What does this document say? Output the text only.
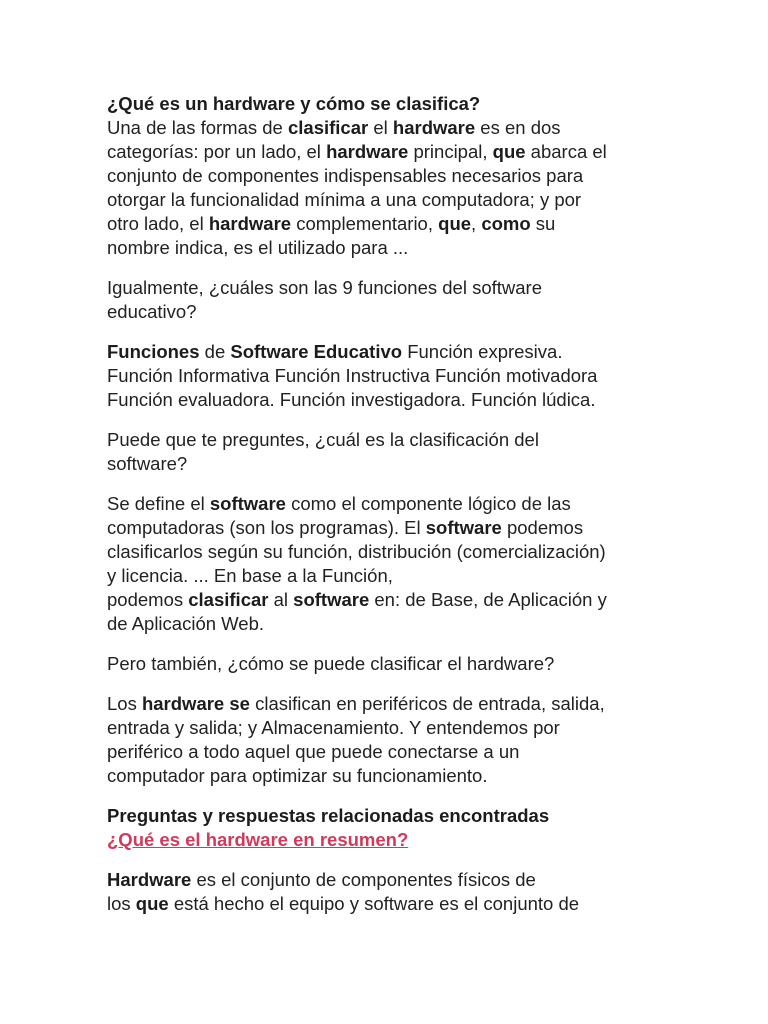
¿Qué es un hardware y cómo se clasifica?
Una de las formas de clasificar el hardware es en dos
categorías: por un lado, el hardware principal, que abarca el
conjunto de componentes indispensables necesarios para
otorgar la funcionalidad mínima a una computadora; y por
otro lado, el hardware complementario, que, como su
nombre indica, es el utilizado para ...

Igualmente, ¿cuáles son las 9 funciones del software
educativo?

Funciones de Software Educativo Función expresiva.
Función Informativa Función Instructiva Función motivadora
Función evaluadora. Función investigadora. Función lúdica.

Puede que te preguntes, ¿cuál es la clasificación del
software?

Se define el software como el componente lógico de las
computadoras (son los programas). El software podemos
clasificarlos según su función, distribución (comercialización)
y licencia. ... En base a la Función,
podemos clasificar al software en: de Base, de Aplicación y
de Aplicación Web.

Pero también, ¿cómo se puede clasificar el hardware?

Los hardware se clasifican en periféricos de entrada, salida,
entrada y salida; y Almacenamiento. Y entendemos por
periférico a todo aquel que puede conectarse a un
computador para optimizar su funcionamiento.

Preguntas y respuestas relacionadas encontradas
¿Qué es el hardware en resumen?

Hardware es el conjunto de componentes físicos de
los que está hecho el equipo y software es el conjunto de
